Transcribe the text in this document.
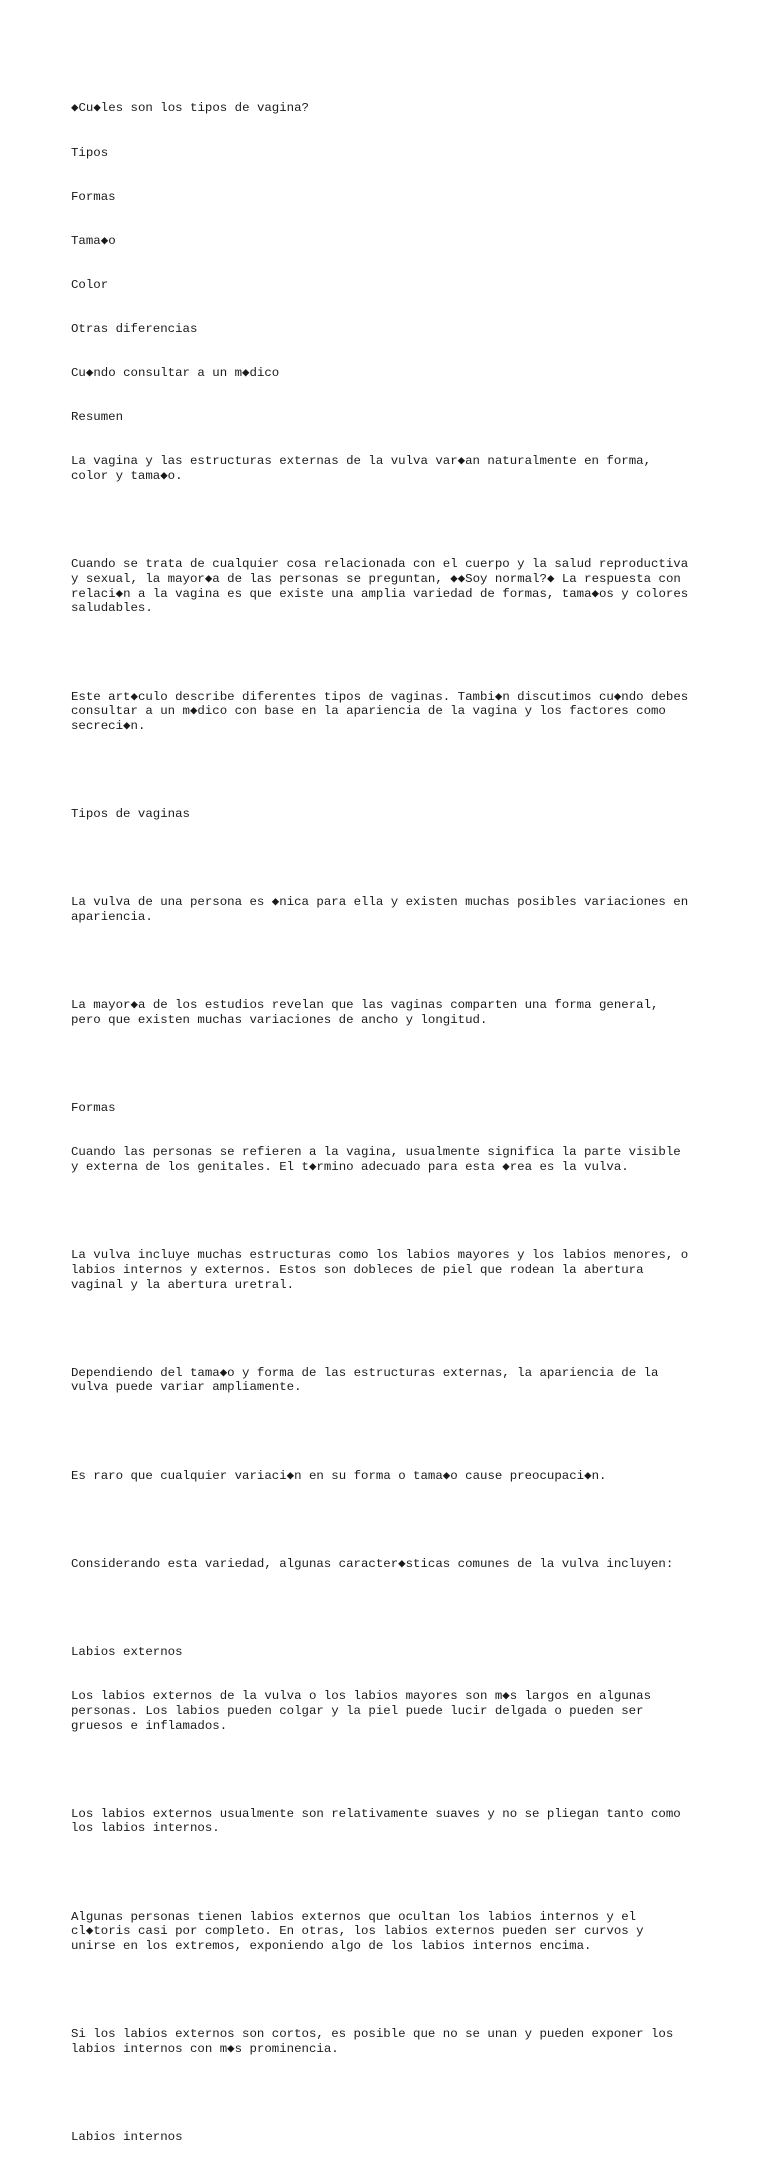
◆Cu◆les son los tipos de vagina?

Tipos

Formas

Tama◆o

Color

Otras diferencias

Cu◆ndo consultar a un m◆dico

Resumen

La vagina y las estructuras externas de la vulva var◆an naturalmente en forma,
color y tama◆o.

Cuando se trata de cualquier cosa relacionada con el cuerpo y la salud reproductiva
y sexual, la mayor◆a de las personas se preguntan, ◆◆Soy normal?◆ La respuesta con
relaci◆n a la vagina es que existe una amplia variedad de formas, tama◆os y colores
saludables.

Este art◆culo describe diferentes tipos de vaginas. Tambi◆n discutimos cu◆ndo debes
consultar a un m◆dico con base en la apariencia de la vagina y los factores como
secreci◆n.

Tipos de vaginas

La vulva de una persona es ◆nica para ella y existen muchas posibles variaciones en
apariencia.

La mayor◆a de los estudios revelan que las vaginas comparten una forma general,
pero que existen muchas variaciones de ancho y longitud.

Formas

Cuando las personas se refieren a la vagina, usualmente significa la parte visible
y externa de los genitales. El t◆rmino adecuado para esta ◆rea es la vulva.

La vulva incluye muchas estructuras como los labios mayores y los labios menores, o
labios internos y externos. Estos son dobleces de piel que rodean la abertura
vaginal y la abertura uretral.

Dependiendo del tama◆o y forma de las estructuras externas, la apariencia de la
vulva puede variar ampliamente.

Es raro que cualquier variaci◆n en su forma o tama◆o cause preocupaci◆n.

Considerando esta variedad, algunas caracter◆sticas comunes de la vulva incluyen:

Labios externos

Los labios externos de la vulva o los labios mayores son m◆s largos en algunas
personas. Los labios pueden colgar y la piel puede lucir delgada o pueden ser
gruesos e inflamados.

Los labios externos usualmente son relativamente suaves y no se pliegan tanto como
los labios internos.

Algunas personas tienen labios externos que ocultan los labios internos y el
cl◆toris casi por completo. En otras, los labios externos pueden ser curvos y
unirse en los extremos, exponiendo algo de los labios internos encima.

Si los labios externos son cortos, es posible que no se unan y pueden exponer los
labios internos con m◆s prominencia.

Labios internos
